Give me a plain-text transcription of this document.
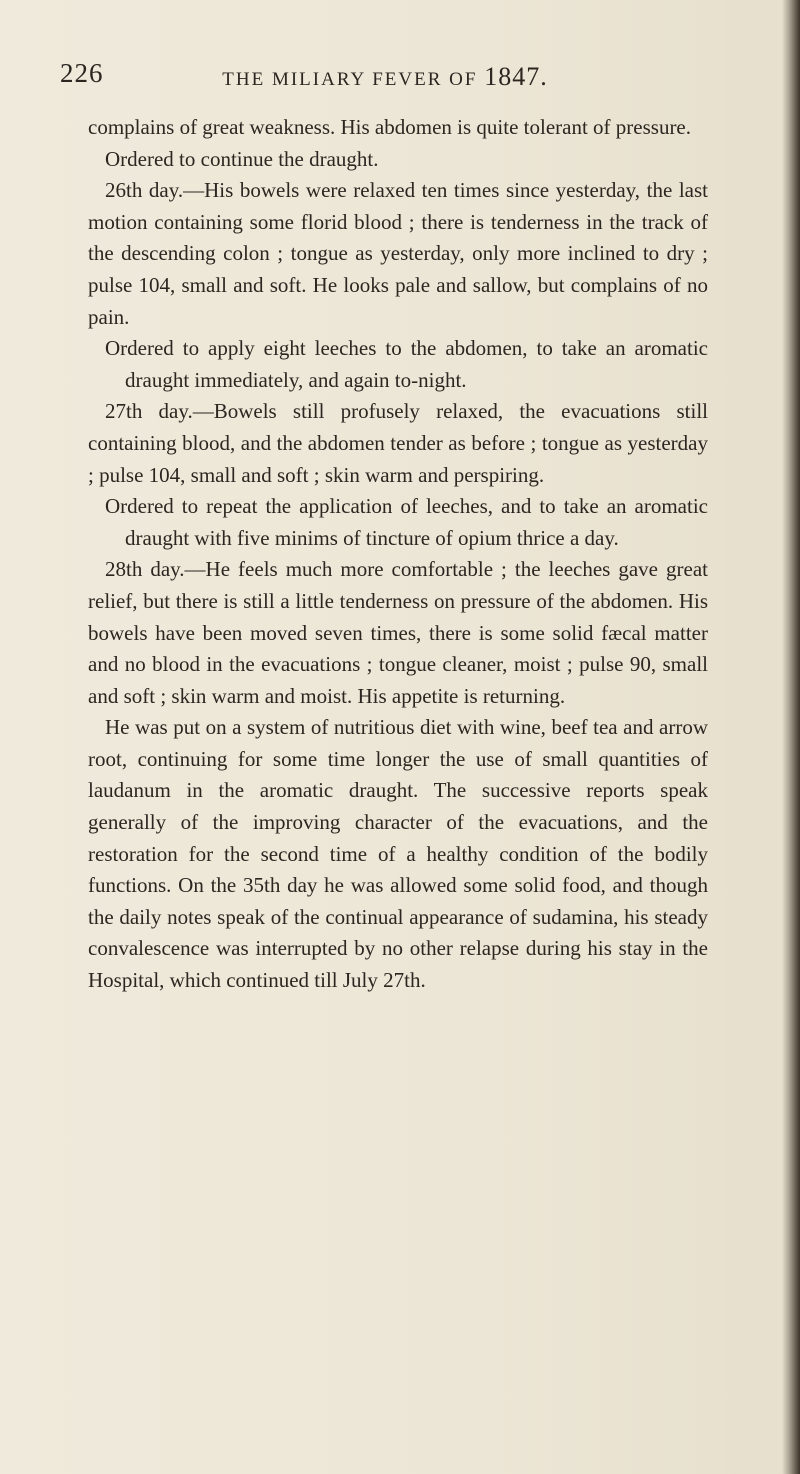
226	THE MILIARY FEVER OF 1847.

complains of great weakness. His abdomen is quite tolerant of pressure.

Ordered to continue the draught.

26th day.—His bowels were relaxed ten times since yesterday, the last motion containing some florid blood ; there is tenderness in the track of the descending colon ; tongue as yesterday, only more inclined to dry ; pulse 104, small and soft. He looks pale and sallow, but complains of no pain.

Ordered to apply eight leeches to the abdomen, to take an aromatic draught immediately, and again to-night.

27th day.—Bowels still profusely relaxed, the evacuations still containing blood, and the abdomen tender as before ; tongue as yesterday ; pulse 104, small and soft ; skin warm and perspiring.

Ordered to repeat the application of leeches, and to take an aromatic draught with five minims of tincture of opium thrice a day.

28th day.—He feels much more comfortable ; the leeches gave great relief, but there is still a little tenderness on pressure of the abdomen. His bowels have been moved seven times, there is some solid fæcal matter and no blood in the evacuations ; tongue cleaner, moist ; pulse 90, small and soft ; skin warm and moist. His appetite is returning.

He was put on a system of nutritious diet with wine, beef tea and arrow root, continuing for some time longer the use of small quantities of laudanum in the aromatic draught. The successive reports speak generally of the improving character of the evacuations, and the restoration for the second time of a healthy condition of the bodily functions. On the 35th day he was allowed some solid food, and though the daily notes speak of the continual appearance of sudamina, his steady convalescence was interrupted by no other relapse during his stay in the Hospital, which continued till July 27th.
